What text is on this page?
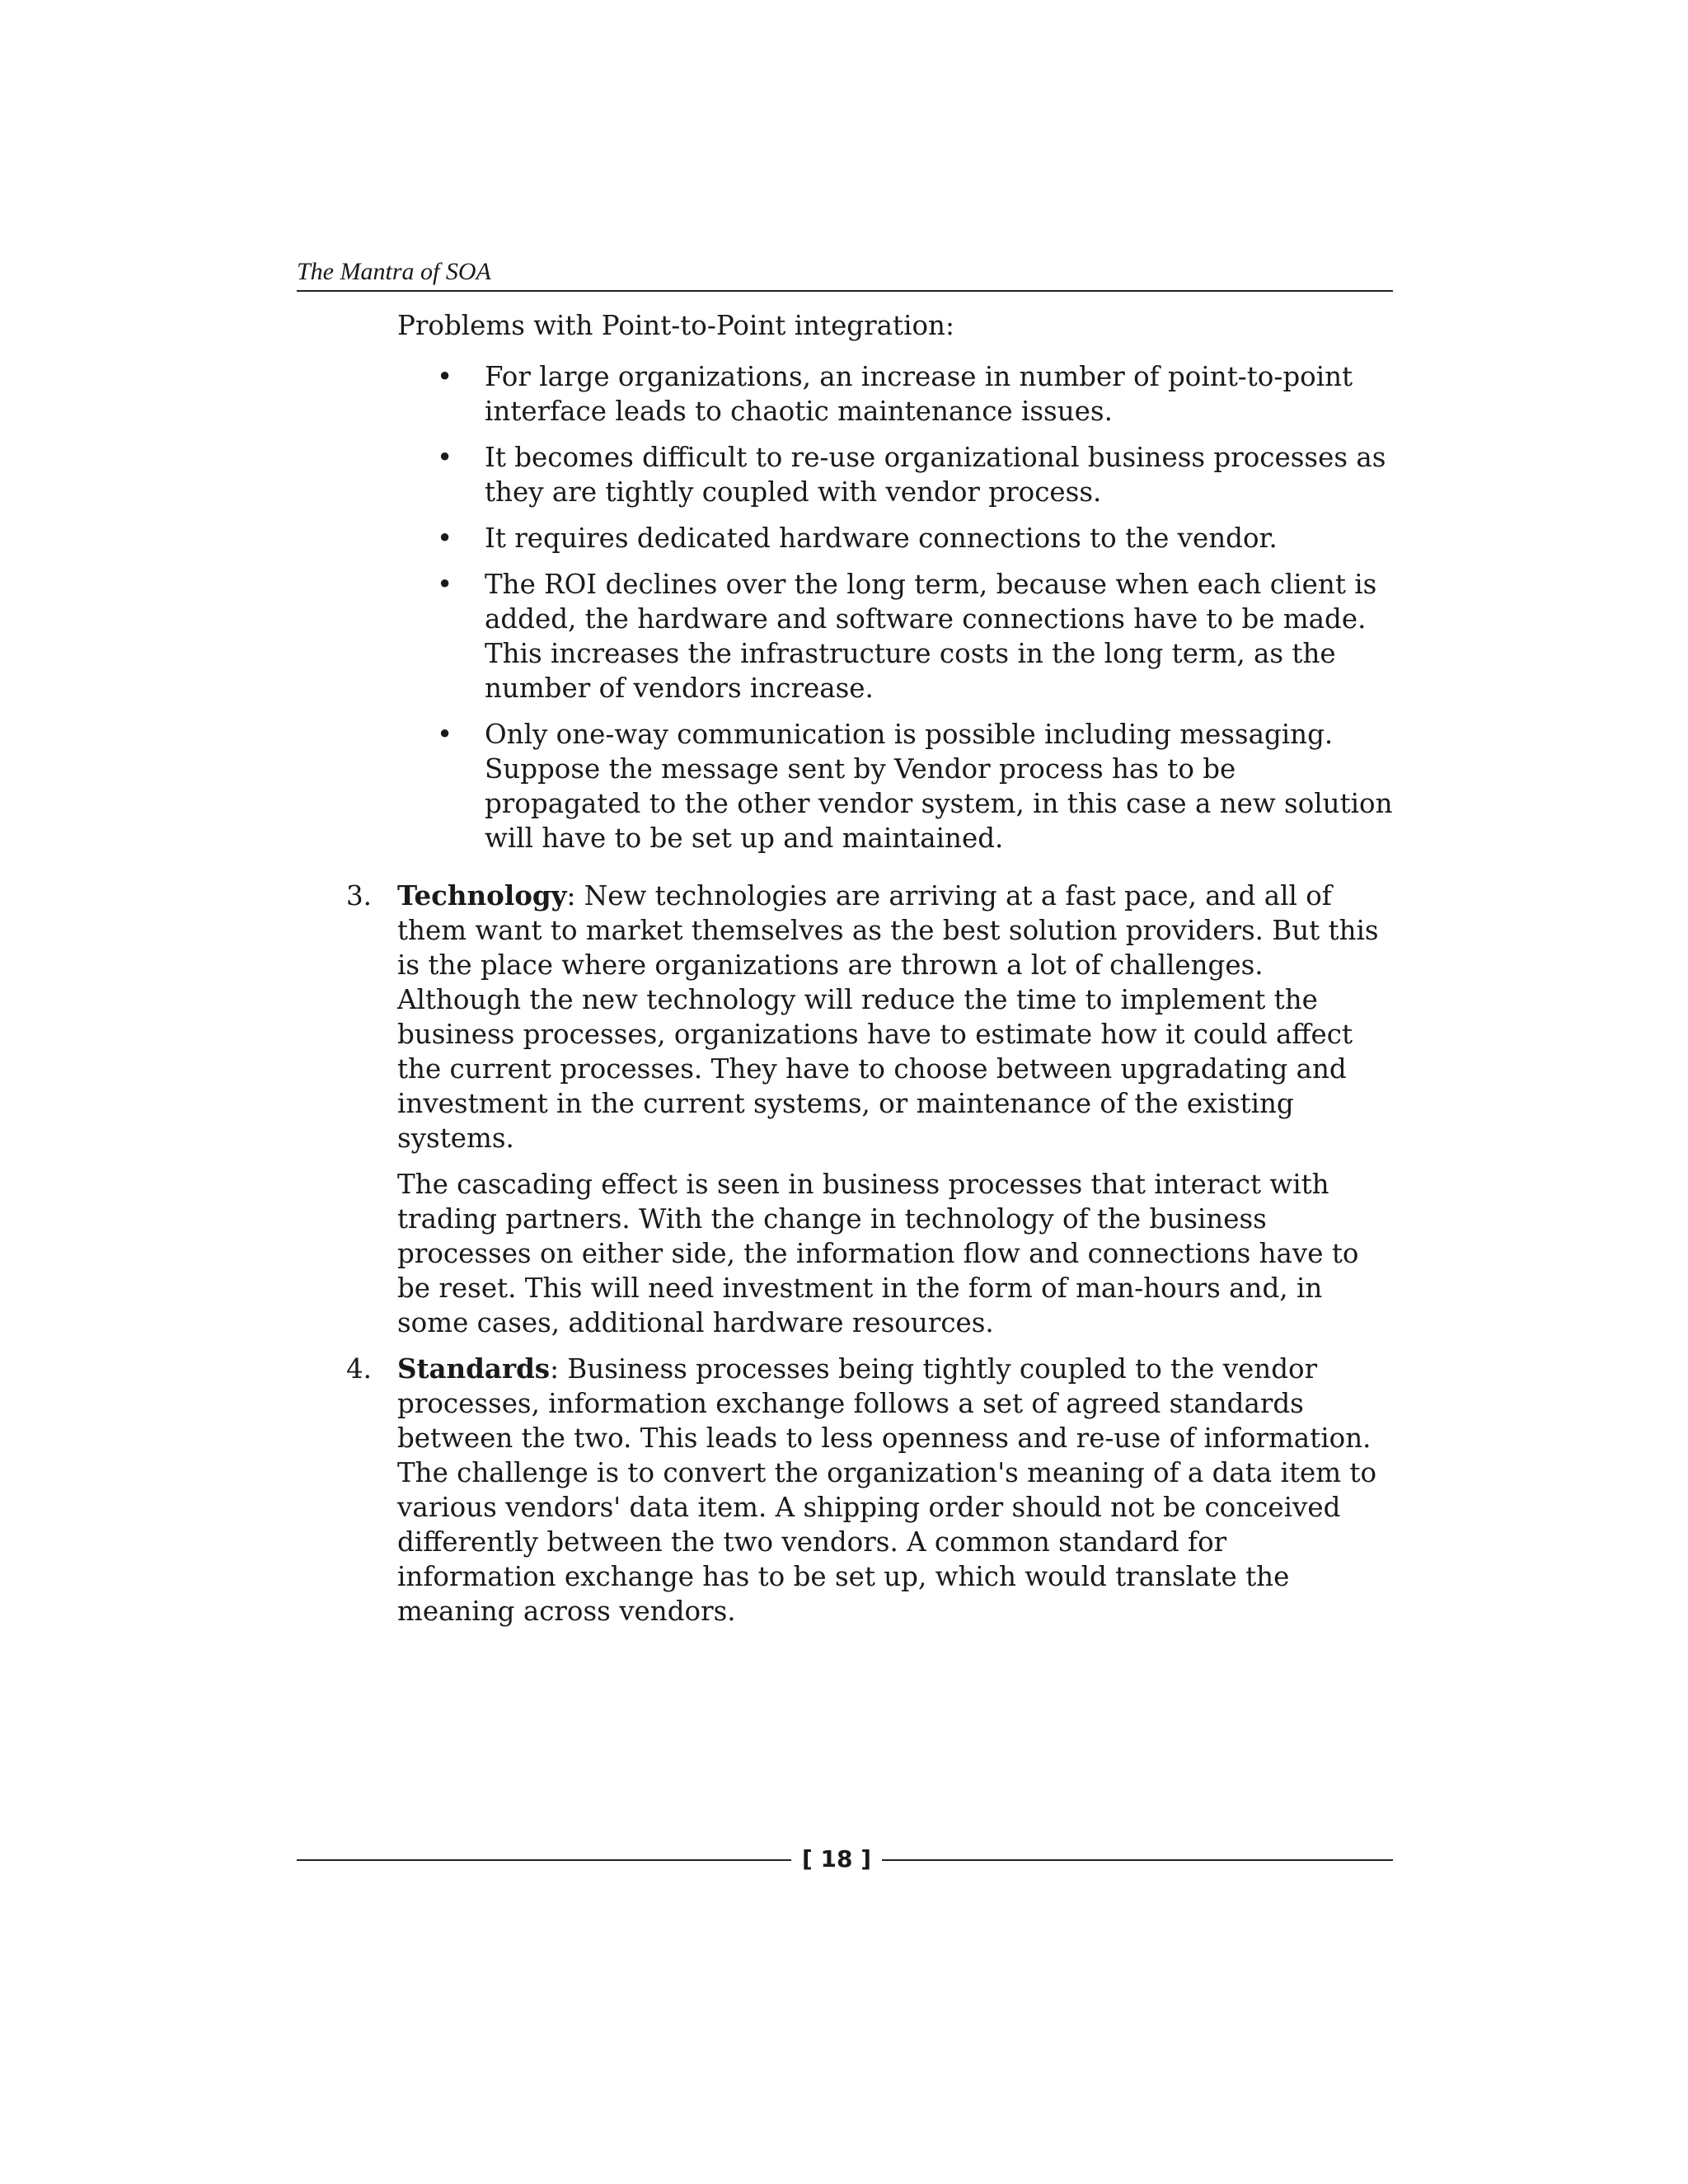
The Mantra of SOA

Problems with Point-to-Point integration:

• For large organizations, an increase in number of point-to-point interface leads to chaotic maintenance issues.
• It becomes difficult to re-use organizational business processes as they are tightly coupled with vendor process.
• It requires dedicated hardware connections to the vendor.
• The ROI declines over the long term, because when each client is added, the hardware and software connections have to be made. This increases the infrastructure costs in the long term, as the number of vendors increase.
• Only one-way communication is possible including messaging. Suppose the message sent by Vendor process has to be propagated to the other vendor system, in this case a new solution will have to be set up and maintained.
3. Technology: New technologies are arriving at a fast pace, and all of them want to market themselves as the best solution providers. But this is the place where organizations are thrown a lot of challenges. Although the new technology will reduce the time to implement the business processes, organizations have to estimate how it could affect the current processes. They have to choose between upgradating and investment in the current systems, or maintenance of the existing systems.

The cascading effect is seen in business processes that interact with trading partners. With the change in technology of the business processes on either side, the information flow and connections have to be reset. This will need investment in the form of man-hours and, in some cases, additional hardware resources.

4. Standards: Business processes being tightly coupled to the vendor processes, information exchange follows a set of agreed standards between the two. This leads to less openness and re-use of information. The challenge is to convert the organization's meaning of a data item to various vendors' data item. A shipping order should not be conceived differently between the two vendors. A common standard for information exchange has to be set up, which would translate the meaning across vendors.

[ 18 ]
